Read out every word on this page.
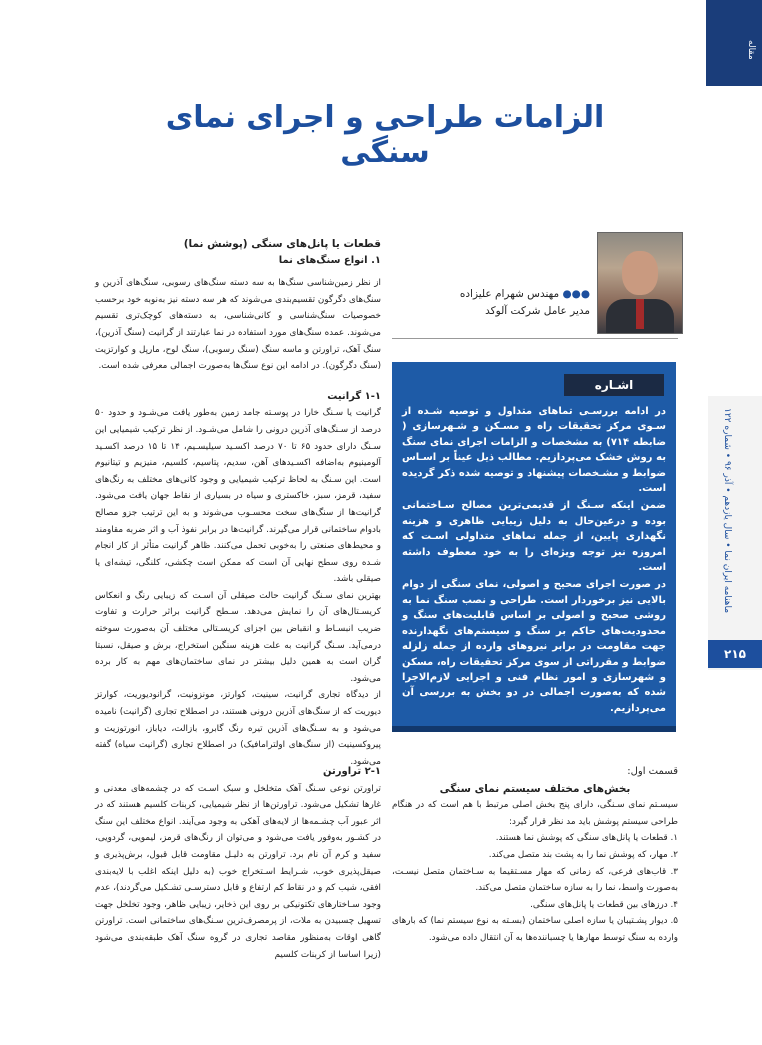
مقاله
الزامات طراحی و اجرای نمای سنگی
●●● مهندس شهرام علیزاده
مدیر عامل شرکت آلوکد
اشـاره

در ادامه بررسـی تماهای متداول و توصیه شـده از سـوی مرکز تحقیقات راه و مسـکن و شـهرسازی ( ضابطه ۷۱۴) به مشخصات و الزامات اجرای نمای سنگ به روش خشک می‌پردازیم. مطالب ذیل عیناً بر اسـاس ضوابط و مشـخصات پیشنهاد و توصیه شده ذکر گردیده است.

ضمن اینکه سـنگ از قدیمی‌ترین مصالح سـاختمانی بوده و درعین‌حال به دلیل زیبایی ظاهری و هزینه نگهداری پایین، از جمله نماهای متداولی اسـت که امروزه نیز توجه ویژه‌ای را به خود معطوف داشته است.

در صورت اجرای صحیح و اصولی، نمای سنگی از دوام بالایی نیز برخوردار است. طراحی و نصب سنگ نما به روشی صحیح و اصولی بر اساس قابلیت‌های سنگ و محدودیت‌های حاکم بر سنگ و سیستم‌های نگهدارنده جهت مقاومت در برابر نیروهای وارده از جمله زلزله ضوابط و مقرراتی از سوی مرکز تحقیقات راه، مسکن و شهرسازی و امور نظام فنی و اجرایی لازم‌الاجرا شده که به‌صورت اجمالی در دو بخش به بررسی آن می‌پردازیم.

ماهنامه ایران نما • سال یازدهم • آذر ۹۶ • شماره ۱۲۲
۲۱۵

قطعات یا پانل‌های سنگی (پوشش نما)

۱. انواع سنگ‌های نما

از نظر زمین‌شناسی سنگ‌ها به سه دسته سنگ‌های رسوبی، سنگ‌های آذرین و سنگ‌های دگرگون تقسیم‌بندی می‌شوند که هر سه دسته نیز به‌نوبه خود برحسب خصوصیات سنگ‌شناسی و کانی‌شناسی، به دسته‌های کوچک‌تری تقسیم می‌شوند. عمده سنگ‌های مورد استفاده در نما عبارتند از گرانیت (سنگ آذرین)، سنگ آهک، تراورتن و ماسه سنگ (سنگ رسوبی)، سنگ لوح، مارپل و کوارتزیت (سنگ دگرگون). در ادامه این نوع سنگ‌ها به‌صورت اجمالی معرفی شده است.

۱-۱ گرانیت

گرانیت یا سـنگ خارا در پوسـته جامد زمین به‌طور یافت می‌شـود و حدود ۵۰ درصد از سـنگ‌های آذرین درونی را شامل می‌شـود. از نظر ترکیب شیمیایی این سـنگ دارای حدود ۶۵ تا ۷۰ درصد اکسـید سیلیسـیم، ۱۴ تا ۱۵ درصد اکسـید آلومینیوم به‌اضافه اکسـیدهای آهن، سدیم، پتاسیم، کلسیم، منیزیم و تیتانیوم است. این سـنگ به لحاظ ترکیب شیمیایی و وجود کانی‌های مختلف به رنگ‌های سفید، قرمز، سبز، خاکستری و سیاه در بسیاری از نقاط جهان یافت می‌شود. گرانیت‌ها از سنگ‌های سخت محسـوب می‌شوند و به این ترتیب جزو مصالح بادوام ساختمانی قرار می‌گیرند. گرانیت‌ها در برابر نفوذ آب و اثر ضربه مقاومند و محیط‌های صنعتی را به‌خوبی تحمل می‌کنند. ظاهر گرانیت متأثر از کار انجام شـده روی سطح نهایی آن است که ممکن است چکشی، کلنگی، تیشه‌ای یا صیقلی باشد.

بهترین نمای سـنگ گرانیت حالت صیقلی آن اسـت که زیبایی رنگ و انعکاس کریسـتال‌های آن را نمایش می‌دهد. سـطح گرانیت براثر حرارت و تفاوت ضریب انبسـاط و انقباض بین اجزای کریسـتالی مختلف آن به‌صورت سوخته درمی‌آید. سـنگ گرانیت به علت هزینه سنگین استخراج، برش و صیقل، نسبتا گران است به همین دلیل بیشتر در نمای ساختمان‌های مهم به کار برده می‌شود.

از دیدگاه تجاری گرانیت، سینیت، کوارتز، مونزونیت، گرانودیوریت، کوارتز دیوریت که از سنگ‌های آذرین درونی هستند، در اصطلاح تجاری (گرانیت) نامیده می‌شود و به سـنگ‌های آذرین تیره رنگ گابرو، بازالت، دیاباز، انورتوزیت و پیروکسینیت (از سنگ‌های اولترامافیک) در اصطلاح تجاری (گرانیت سیاه) گفته می‌شود.

۲-۱ تراورتن

تراورتن نوعی سـنگ آهک متخلخل و سبک اسـت که در چشمه‌های معدنی و غارها تشکیل می‌شود. تراورتن‌ها از نظر شیمیایی، کربنات کلسیم هستند که در اثر عبور آب چشـمه‌ها از لایه‌های آهکی به وجود می‌آیند. انواع مختلف این سنگ در کشـور به‌وفور یافت می‌شود و می‌توان از رنگ‌های قرمز، لیمویی، گردویی، سفید و کرم آن نام برد. تراورتن به دلیـل مقاومت قابل قبول، برش‌پذیری و صیقل‌پذیری خوب، شـرایط اسـتخراج خوب (به دلیل اینکه اغلب با لایه‌بندی افقی، شیب کم و در نقاط کم ارتفاع و قابل دسترسـی تشـکیل می‌گردند)، عدم وجود سـاختارهای تکتونیکی بر روی این ذخایر، زیبایی ظاهر، وجود تخلخل جهت تسهیل چسبیدن به ملات، از پرمصرف‌ترین سـنگ‌های ساختمانی است. تراورتن گاهی اوقات به‌منظور مقاصد تجاری در گروه سنگ آهک طبقه‌بندی می‌شود (زیرا اساسا از کربنات کلسیم

قسمت اول:

بخش‌های مختلف سیستم نمای سنگی

سیسـتم نمای سـنگی، دارای پنج بخش اصلی مرتبط با هم است که در هنگام طراحی سیستم پوشش باید مد نظر قرار گیرد:

۱. قطعات یا پانل‌های سنگی که پوشش نما هستند.

۲. مهار، که پوشش نما را به پشت بند متصل می‌کند.

۳. قاب‌های فرعی، که زمانی که مهار مسـتقیما به سـاختمان متصل نیسـت، به‌صورت واسط، نما را به سازه ساختمان متصل می‌کند.

۴. درزهای بین قطعات یا پانل‌های سنگی.

۵. دیوار پشـتیبان یا سازه اصلی ساختمان (بسـته به نوع سیستم نما) که بارهای وارده به سنگ توسط مهارها یا چسباننده‌ها به آن انتقال داده می‌شود.
